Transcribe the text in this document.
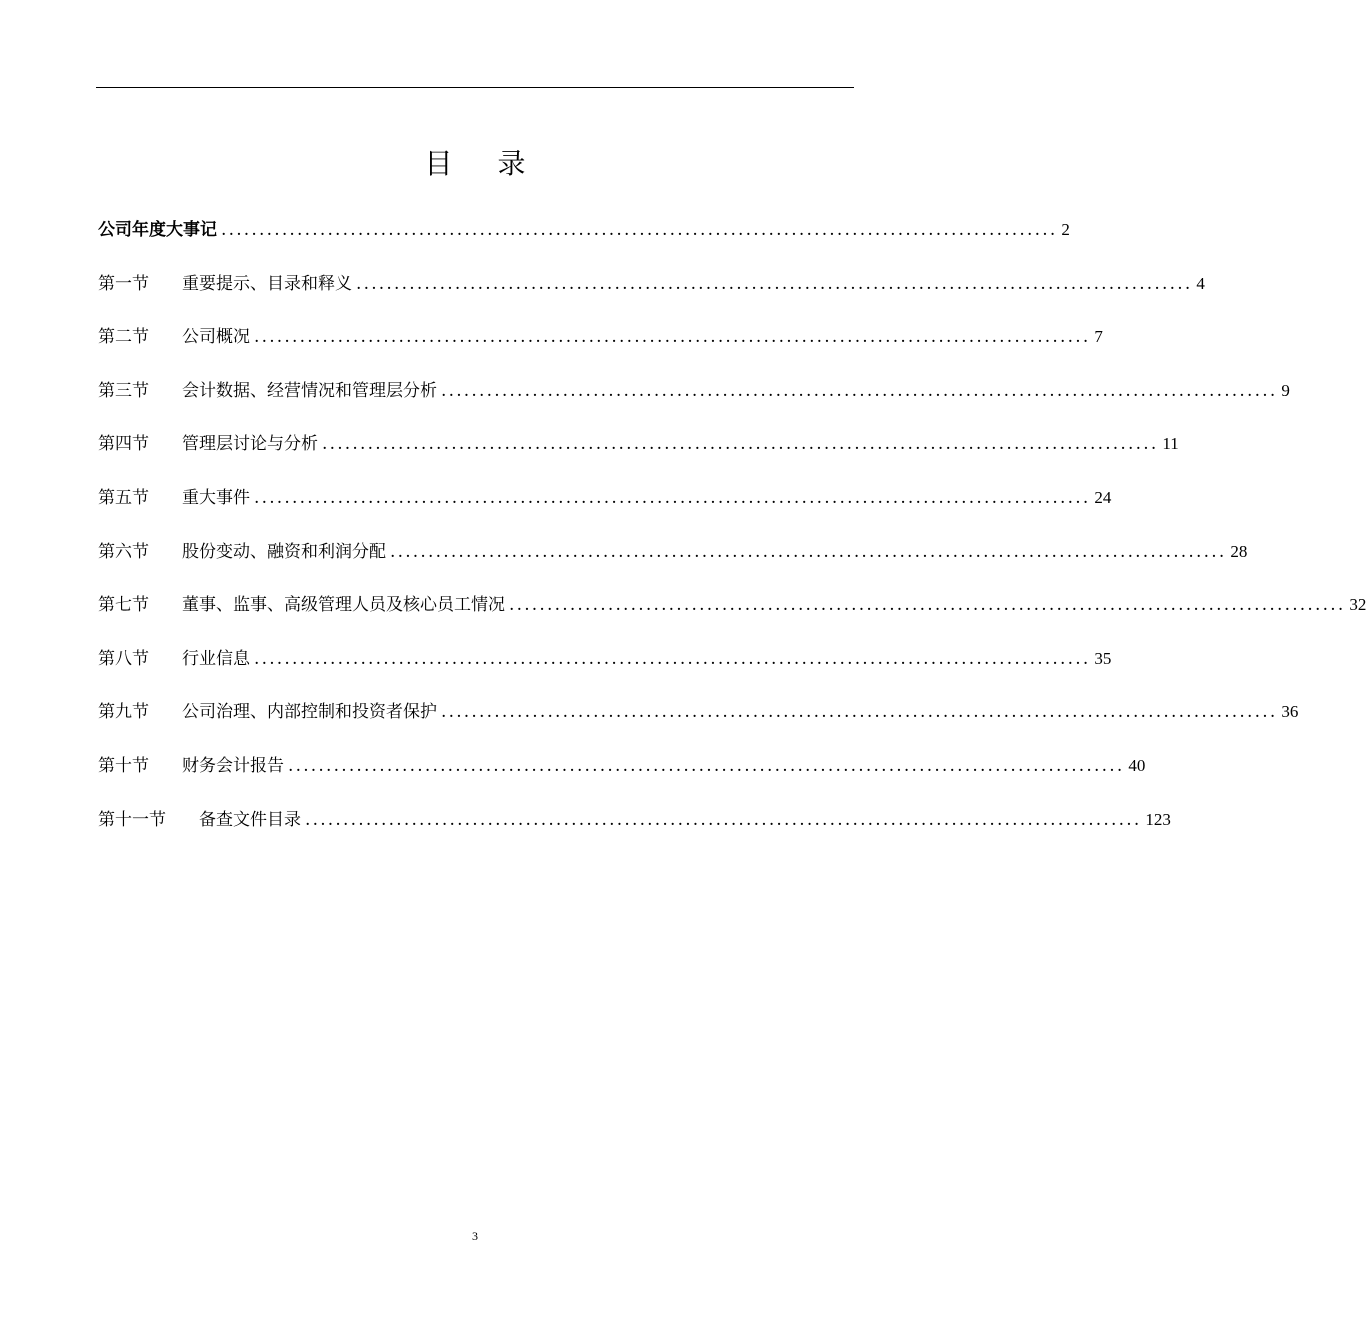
目 录
公司年度大事记 .............................................................................................................. 2
第一节	重要提示、目录和释义 .............................................................................................................. 4
第二节	公司概况 .............................................................................................................. 7
第三节	会计数据、经营情况和管理层分析 .............................................................................................................. 9
第四节	管理层讨论与分析 .............................................................................................................. 11
第五节	重大事件 .............................................................................................................. 24
第六节	股份变动、融资和利润分配 .............................................................................................................. 28
第七节	董事、监事、高级管理人员及核心员工情况 .............................................................................................................. 32
第八节	行业信息 .............................................................................................................. 35
第九节	公司治理、内部控制和投资者保护 .............................................................................................................. 36
第十节	财务会计报告 .............................................................................................................. 40
第十一节	备查文件目录 .............................................................................................................. 123
3
